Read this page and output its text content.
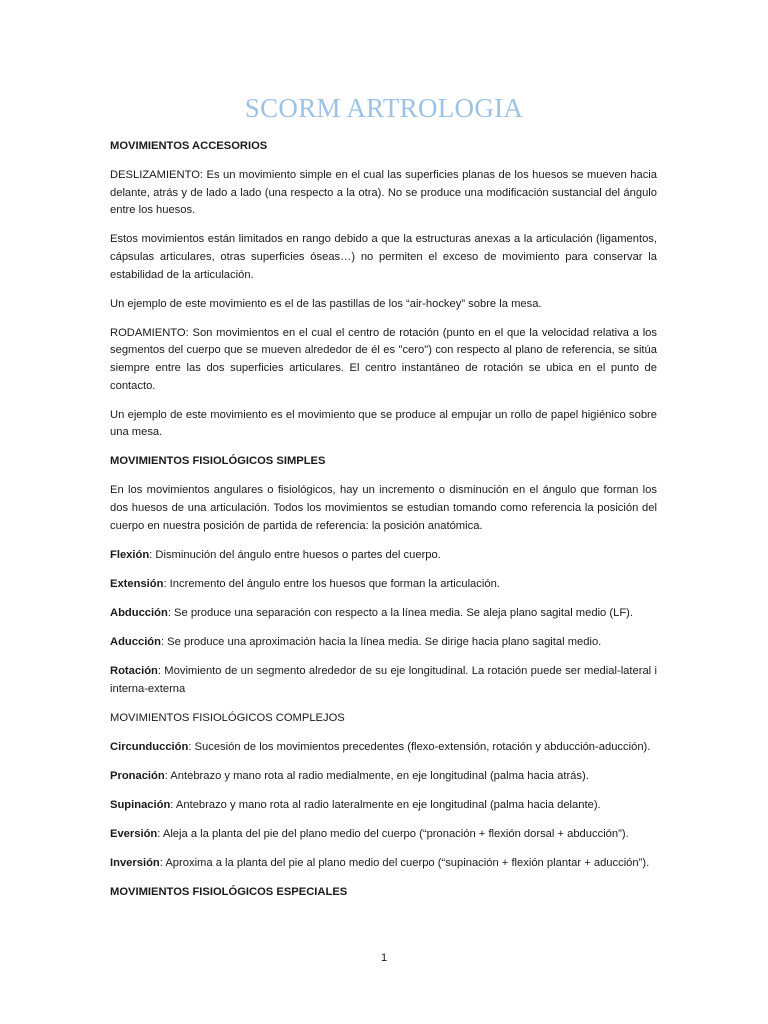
SCORM ARTROLOGIA

MOVIMIENTOS ACCESORIOS

DESLIZAMIENTO: Es un movimiento simple en el cual las superficies planas de los huesos se mueven hacia delante, atrás y de lado a lado (una respecto a la otra). No se produce una modificación sustancial del ángulo entre los huesos.

Estos movimientos están limitados en rango debido a que la estructuras anexas a la articulación (ligamentos, cápsulas articulares, otras superficies óseas…) no permiten el exceso de movimiento para conservar la estabilidad de la articulación.

Un ejemplo de este movimiento es el de las pastillas de los “air-hockey” sobre la mesa.

RODAMIENTO: Son movimientos en el cual el centro de rotación (punto en el que la velocidad relativa a los segmentos del cuerpo que se mueven alrededor de él es "cero") con respecto al plano de referencia, se sitúa siempre entre las dos superficies articulares. El centro instantáneo de rotación se ubica en el punto de contacto.

Un ejemplo de este movimiento es el movimiento que se produce al empujar un rollo de papel higiénico sobre una mesa.

MOVIMIENTOS FISIOLÓGICOS SIMPLES

En los movimientos angulares o fisiológicos, hay un incremento o disminución en el ángulo que forman los dos huesos de una articulación. Todos los movimientos se estudian tomando como referencia la posición del cuerpo en nuestra posición de partida de referencia: la posición anatómica.

Flexión: Disminución del ángulo entre huesos o partes del cuerpo.

Extensión: Incremento del ángulo entre los huesos que forman la articulación.

Abducción: Se produce una separación con respecto a la línea media. Se aleja plano sagital medio (LF).

Aducción: Se produce una aproximación hacia la línea media. Se dirige hacia plano sagital medio.

Rotación: Movimiento de un segmento alrededor de su eje longitudinal. La rotación puede ser medial-lateral i interna-externa

MOVIMIENTOS FISIOLÓGICOS COMPLEJOS

Circunducción: Sucesión de los movimientos precedentes (flexo-extensión, rotación y abducción-aducción).

Pronación: Antebrazo y mano rota al radio medialmente, en eje longitudinal (palma hacia atrás).

Supinación: Antebrazo y mano rota al radio lateralmente en eje longitudinal (palma hacia delante).

Eversión: Aleja a la planta del pie del plano medio del cuerpo (“pronación + flexión dorsal + abducción”).

Inversión: Aproxima a la planta del pie al plano medio del cuerpo (“supinación + flexión plantar + aducción”).

MOVIMIENTOS FISIOLÓGICOS ESPECIALES

1
